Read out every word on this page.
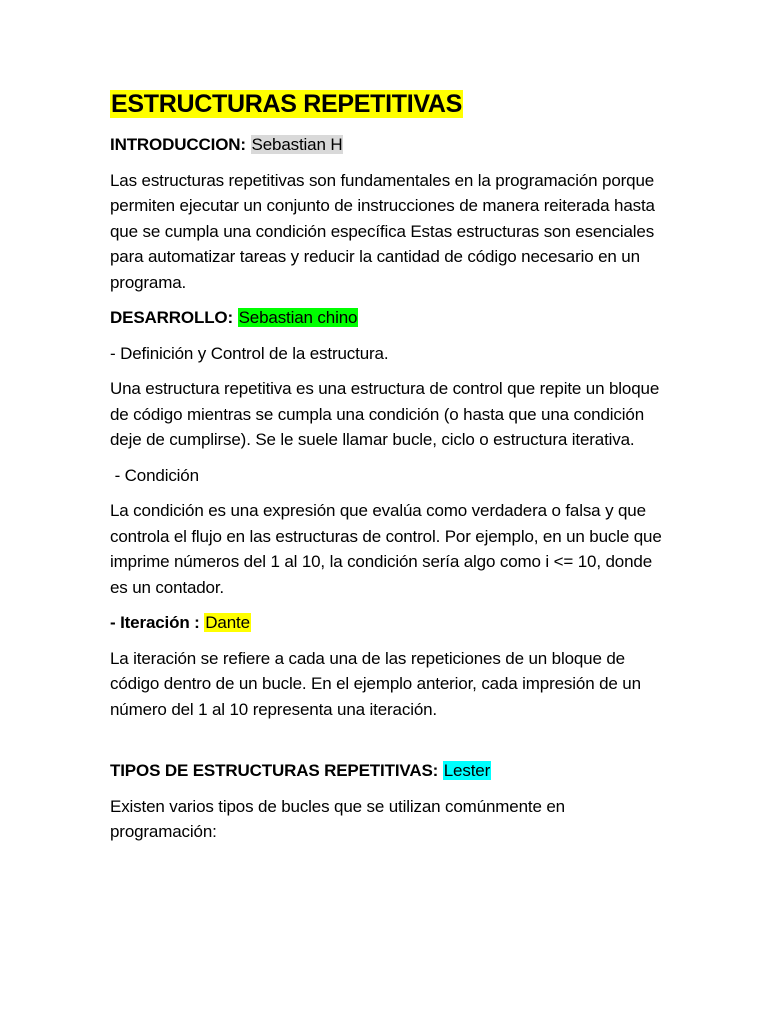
ESTRUCTURAS REPETITIVAS

INTRODUCCION: Sebastian H

Las estructuras repetitivas son fundamentales en la programación porque permiten ejecutar un conjunto de instrucciones de manera reiterada hasta que se cumpla una condición específica Estas estructuras son esenciales para automatizar tareas y reducir la cantidad de código necesario en un programa.

DESARROLLO: Sebastian chino

- Definición y Control de la estructura.

Una estructura repetitiva es una estructura de control que repite un bloque de código mientras se cumpla una condición (o hasta que una condición deje de cumplirse). Se le suele llamar bucle, ciclo o estructura iterativa.

- Condición

La condición es una expresión que evalúa como verdadera o falsa y que controla el flujo en las estructuras de control. Por ejemplo, en un bucle que imprime números del 1 al 10, la condición sería algo como i <= 10, donde es un contador.

- Iteración : Dante

La iteración se refiere a cada una de las repeticiones de un bloque de código dentro de un bucle. En el ejemplo anterior, cada impresión de un número del 1 al 10 representa una iteración.

TIPOS DE ESTRUCTURAS REPETITIVAS: Lester

Existen varios tipos de bucles que se utilizan comúnmente en programación:
